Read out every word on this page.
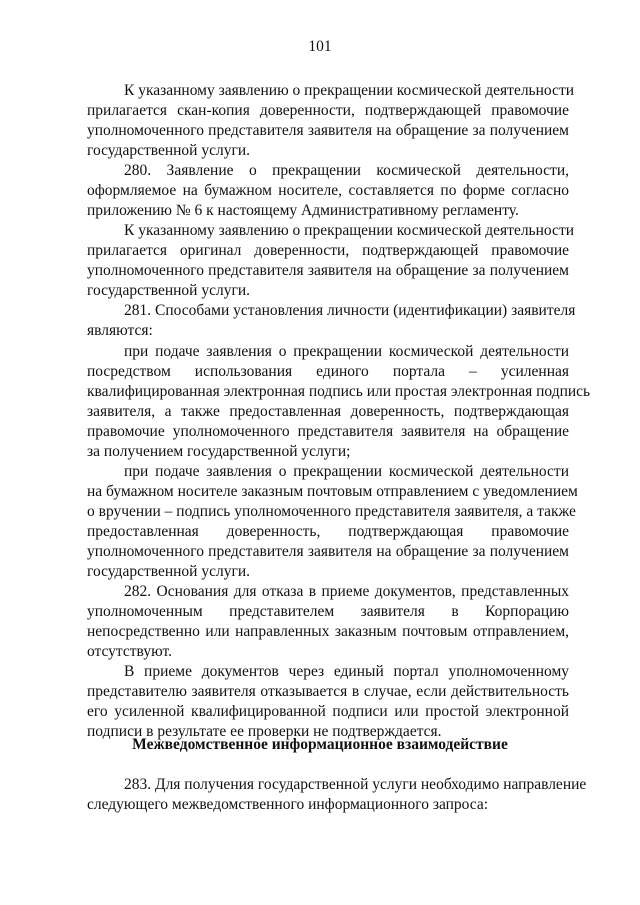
101
К указанному заявлению о прекращении космической деятельности
прилагается скан-копия доверенности, подтверждающей правомочие
уполномоченного представителя заявителя на обращение за получением
государственной услуги.
280. Заявление о прекращении космической деятельности,
оформляемое на бумажном носителе, составляется по форме согласно
приложению № 6 к настоящему Административному регламенту.
К указанному заявлению о прекращении космической деятельности
прилагается оригинал доверенности, подтверждающей правомочие
уполномоченного представителя заявителя на обращение за получением
государственной услуги.
281. Способами установления личности (идентификации) заявителя
являются:
при подаче заявления о прекращении космической деятельности
посредством использования единого портала – усиленная
квалифицированная электронная подпись или простая электронная подпись
заявителя, а также предоставленная доверенность, подтверждающая
правомочие уполномоченного представителя заявителя на обращение
за получением государственной услуги;
при подаче заявления о прекращении космической деятельности
на бумажном носителе заказным почтовым отправлением с уведомлением
о вручении – подпись уполномоченного представителя заявителя, а также
предоставленная доверенность, подтверждающая правомочие
уполномоченного представителя заявителя на обращение за получением
государственной услуги.
282. Основания для отказа в приеме документов, представленных
уполномоченным представителем заявителя в Корпорацию
непосредственно или направленных заказным почтовым отправлением,
отсутствуют.
В приеме документов через единый портал уполномоченному
представителю заявителя отказывается в случае, если действительность
его усиленной квалифицированной подписи или простой электронной
подписи в результате ее проверки не подтверждается.
Межведомственное информационное взаимодействие
283. Для получения государственной услуги необходимо направление
следующего межведомственного информационного запроса:
